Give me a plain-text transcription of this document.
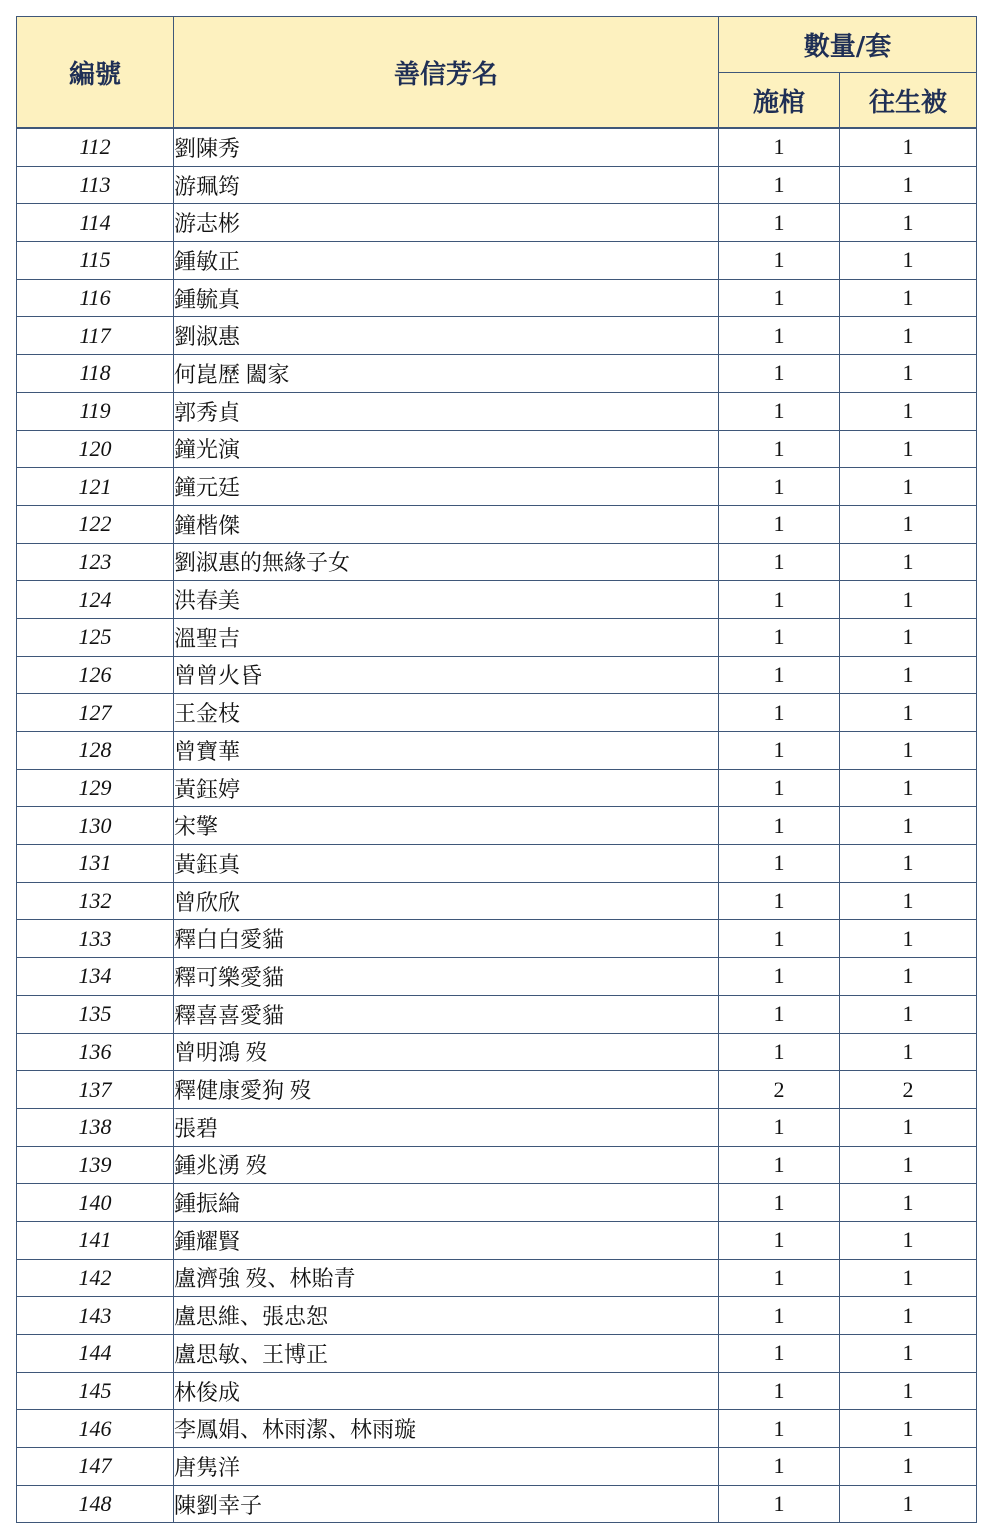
編號	善信芳名	數量/套	
		施棺	往生被
112	劉陳秀	1	1
113	游珮筠	1	1
114	游志彬	1	1
115	鍾敏正	1	1
116	鍾毓真	1	1
117	劉淑惠	1	1
118	何崑歷 闔家	1	1
119	郭秀貞	1	1
120	鐘光演	1	1
121	鐘元廷	1	1
122	鐘楷傑	1	1
123	劉淑惠的無緣子女	1	1
124	洪春美	1	1
125	溫聖吉	1	1
126	曾曾火昏	1	1
127	王金枝	1	1
128	曾寶華	1	1
129	黃鈺婷	1	1
130	宋擎	1	1
131	黃鈺真	1	1
132	曾欣欣	1	1
133	釋白白愛貓	1	1
134	釋可樂愛貓	1	1
135	釋喜喜愛貓	1	1
136	曾明鴻 歿	1	1
137	釋健康愛狗 歿	2	2
138	張碧	1	1
139	鍾兆湧 歿	1	1
140	鍾振綸	1	1
141	鍾耀賢	1	1
142	盧濟強 歿、林貽青	1	1
143	盧思維、張忠恕	1	1
144	盧思敏、王博正	1	1
145	林俊成	1	1
146	李鳳娟、林雨潔、林雨璇	1	1
147	唐隽洋	1	1
148	陳劉幸子	1	1
